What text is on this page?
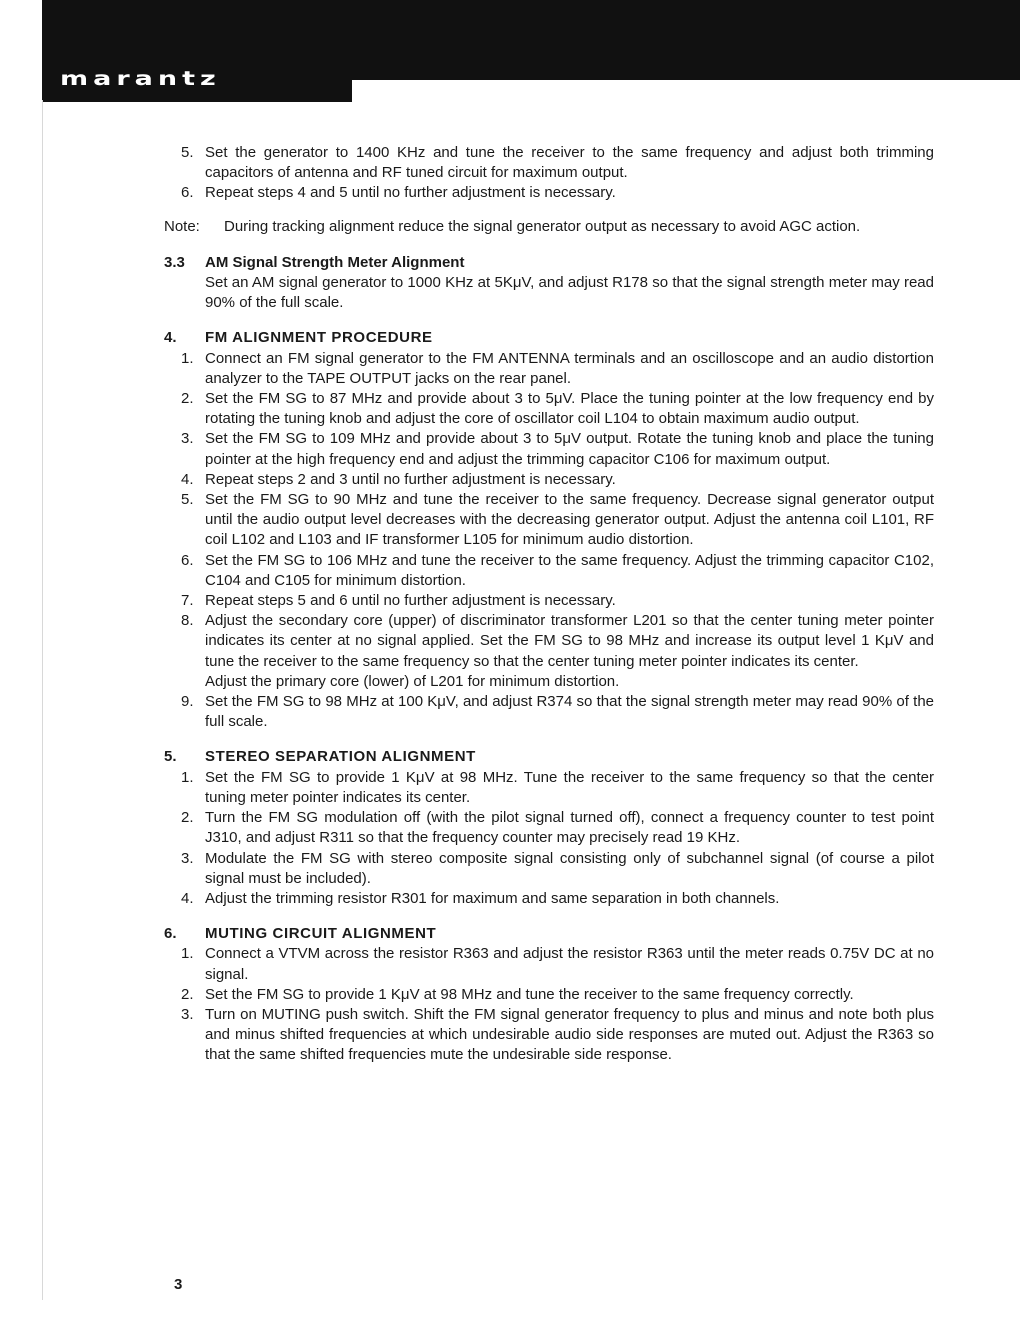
marantz
5. Set the generator to 1400 KHz and tune the receiver to the same frequency and adjust both trimming capacitors of antenna and RF tuned circuit for maximum output.
6. Repeat steps 4 and 5 until no further adjustment is necessary.
Note:	During tracking alignment reduce the signal generator output as necessary to avoid AGC action.
3.3	AM Signal Strength Meter Alignment
Set an AM signal generator to 1000 KHz at 5KμV, and adjust R178 so that the signal strength meter may read 90% of the full scale.
4.	FM ALIGNMENT PROCEDURE
1. Connect an FM signal generator to the FM ANTENNA terminals and an oscilloscope and an audio distortion analyzer to the TAPE OUTPUT jacks on the rear panel.
2. Set the FM SG to 87 MHz and provide about 3 to 5μV. Place the tuning pointer at the low frequency end by rotating the tuning knob and adjust the core of oscillator coil L104 to obtain maximum audio output.
3. Set the FM SG to 109 MHz and provide about 3 to 5μV output. Rotate the tuning knob and place the tuning pointer at the high frequency end and adjust the trimming capacitor C106 for maximum output.
4. Repeat steps 2 and 3 until no further adjustment is necessary.
5. Set the FM SG to 90 MHz and tune the receiver to the same frequency. Decrease signal generator output until the audio output level decreases with the decreasing generator output. Adjust the antenna coil L101, RF coil L102 and L103 and IF transformer L105 for minimum audio distortion.
6. Set the FM SG to 106 MHz and tune the receiver to the same frequency. Adjust the trimming capacitor C102, C104 and C105 for minimum distortion.
7. Repeat steps 5 and 6 until no further adjustment is necessary.
8. Adjust the secondary core (upper) of discriminator transformer L201 so that the center tuning meter pointer indicates its center at no signal applied. Set the FM SG to 98 MHz and increase its output level 1 KμV and tune the receiver to the same frequency so that the center tuning meter pointer indicates its center.
Adjust the primary core (lower) of L201 for minimum distortion.
9. Set the FM SG to 98 MHz at 100 KμV, and adjust R374 so that the signal strength meter may read 90% of the full scale.
5.	STEREO SEPARATION ALIGNMENT
1. Set the FM SG to provide 1 KμV at 98 MHz. Tune the receiver to the same frequency so that the center tuning meter pointer indicates its center.
2. Turn the FM SG modulation off (with the pilot signal turned off), connect a frequency counter to test point J310, and adjust R311 so that the frequency counter may precisely read 19 KHz.
3. Modulate the FM SG with stereo composite signal consisting only of subchannel signal (of course a pilot signal must be included).
4. Adjust the trimming resistor R301 for maximum and same separation in both channels.
6.	MUTING CIRCUIT ALIGNMENT
1. Connect a VTVM across the resistor R363 and adjust the resistor R363 until the meter reads 0.75V DC at no signal.
2. Set the FM SG to provide 1 KμV at 98 MHz and tune the receiver to the same frequency correctly.
3. Turn on MUTING push switch. Shift the FM signal generator frequency to plus and minus and note both plus and minus shifted frequencies at which undesirable audio side responses are muted out. Adjust the R363 so that the same shifted frequencies mute the undesirable side response.
3
